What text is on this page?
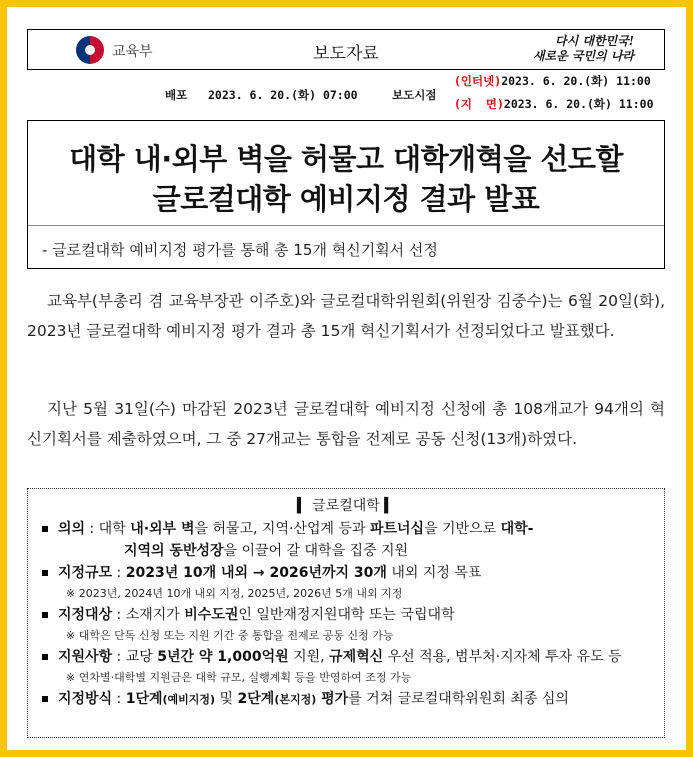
교육부	보도자료
다시 대한민국!
새로운 국민의 나라
배포 2023. 6. 20.(화) 07:00	보도시점
(인터넷)2023. 6. 20.(화) 11:00
(지  면)2023. 6. 20.(화) 11:00
대학 내·외부 벽을 허물고 대학개혁을 선도할
글로컬대학 예비지정 결과 발표
- 글로컬대학 예비지정 평가를 통해 총 15개 혁신기획서 선정

교육부(부총리 겸 교육부장관 이주호)와 글로컬대학위원회(위원장 김중수)는 6월 20일(화), 2023년 글로컬대학 예비지정 평가 결과 총 15개 혁신기획서가 선정되었다고 발표했다.

지난 5월 31일(수) 마감된 2023년 글로컬대학 예비지정 신청에 총 108개교가 94개의 혁신기획서를 제출하였으며, 그 중 27개교는 통합을 전제로 공동 신청(13개)하였다.

▍ 글로컬대학 ▍
의의 : 대학 내·외부 벽을 허물고, 지역·산업계 등과 파트너십을 기반으로 대학-
지역의 동반성장을 이끌어 갈 대학을 집중 지원
지정규모 : 2023년 10개 내외 → 2026년까지 30개 내외 지정 목표
※ 2023년, 2024년 10개 내외 지정, 2025년, 2026년 5개 내외 지정
지정대상 : 소재지가 비수도권인 일반재정지원대학 또는 국립대학
※ 대학은 단독 신청 또는 지원 기간 중 통합을 전제로 공동 신청 가능
지원사항 : 교당 5년간 약 1,000억원 지원, 규제혁신 우선 적용, 범부처·지자체 투자 유도 등
※ 연차별·대학별 지원금은 대학 규모, 실행계획 등을 반영하여 조정 가능
지정방식 : 1단계(예비지정) 및 2단계(본지정) 평가를 거쳐 글로컬대학위원회 최종 심의
